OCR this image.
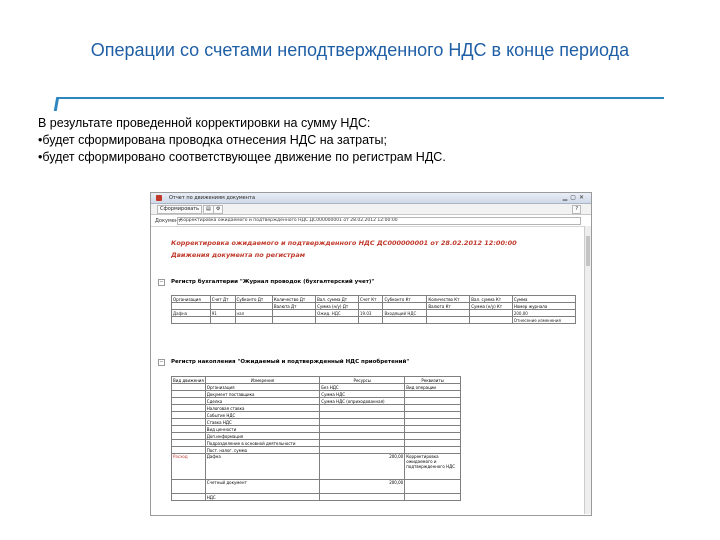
Операции со счетами неподтвержденного НДС в конце периода
В результате проведенной корректировки на сумму НДС:
•будет сформирована проводка отнесения НДС на затраты;
•будет сформировано соответствующее движение по регистрам НДС.
Отчет по движениям документа	▁▢✕
Сформировать	▤	⚙	?
Документ:
Корректировка ожидаемого и подтвержденного НДС ДС000000001 от 28.02.2012 12:00:00
Корректировка ожидаемого и подтвержденного НДС ДС000000001 от 28.02.2012 12:00:00
Движения документа по регистрам
− Регистр бухгалтерии "Журнал проводок (бухгалтерский учет)"
Организация	Счет Дт	Субконто Дт	Количество Дт	Вал. сумма Дт	Счет Кт	Субконто Кт	Количество Кт	Вал. сумма Кт	Сумма
			Валюта Дт	Сумма (н/у) Дт			Валюта Кт	Сумма (н/у) Кт	Номер журнала
Дафна	91	нал		Ожид. НДС	19.03	Входящий НДС			200,00
									Отнесение изменения
− Регистр накопления "Ожидаемый и подтвержденный НДС приобретений"
Вид движения	Измерения	Ресурсы	Реквизиты
	Организация	Без НДС	Вид операции
	Документ поставщика	Сумма НДС	
	Сделка	Сумма НДС (оприходованная)	
	Налоговая ставка		
	Событие НДС		
	Ставка НДС		
	Вид ценности		
	Доп.информация		
	Подразделение в основной деятельности		
	Пост. налог. сумма		
Расход	Дафна	200,00	Корректировка ожидаемого и подтвержденного НДС
	Счетный документ	200,00	
	НДС		
